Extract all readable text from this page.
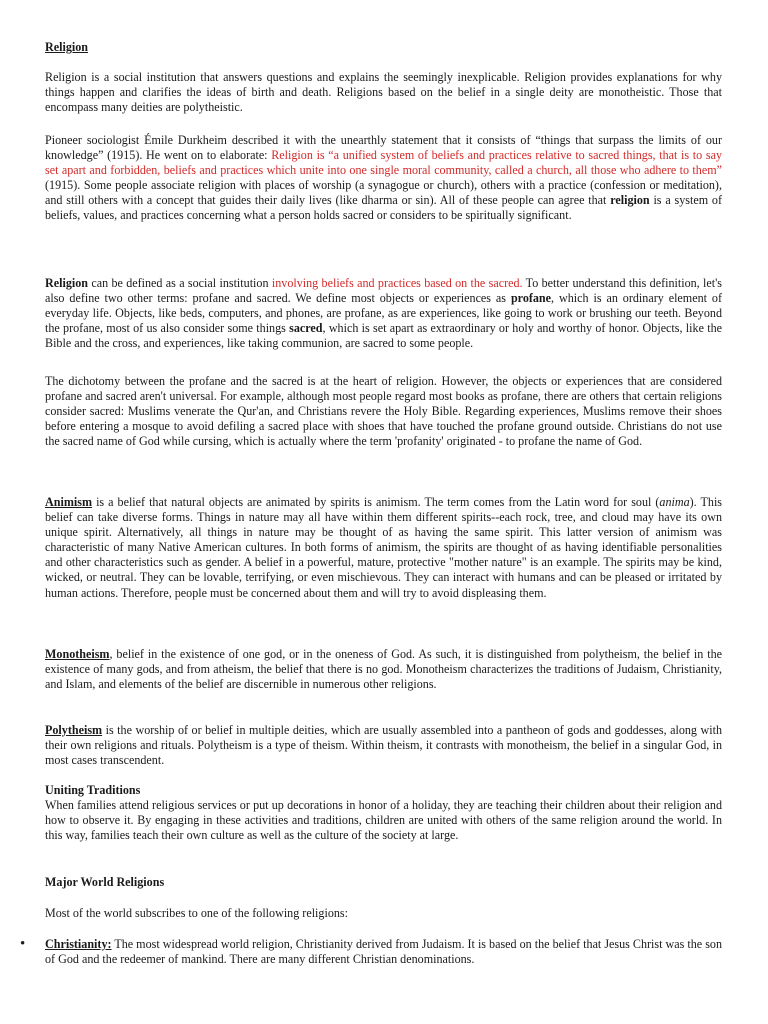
Religion

Religion is a social institution that answers questions and explains the seemingly inexplicable. Religion provides explanations for why things happen and clarifies the ideas of birth and death. Religions based on the belief in a single deity are monotheistic. Those that encompass many deities are polytheistic.

Pioneer sociologist Émile Durkheim described it with the unearthly statement that it consists of “things that surpass the limits of our knowledge” (1915). He went on to elaborate: Religion is “a unified system of beliefs and practices relative to sacred things, that is to say set apart and forbidden, beliefs and practices which unite into one single moral community, called a church, all those who adhere to them” (1915). Some people associate religion with places of worship (a synagogue or church), others with a practice (confession or meditation), and still others with a concept that guides their daily lives (like dharma or sin). All of these people can agree that religion is a system of beliefs, values, and practices concerning what a person holds sacred or considers to be spiritually significant.

Religion can be defined as a social institution involving beliefs and practices based on the sacred. To better understand this definition, let's also define two other terms: profane and sacred. We define most objects or experiences as profane, which is an ordinary element of everyday life. Objects, like beds, computers, and phones, are profane, as are experiences, like going to work or brushing our teeth. Beyond the profane, most of us also consider some things sacred, which is set apart as extraordinary or holy and worthy of honor. Objects, like the Bible and the cross, and experiences, like taking communion, are sacred to some people.

The dichotomy between the profane and the sacred is at the heart of religion. However, the objects or experiences that are considered profane and sacred aren't universal. For example, although most people regard most books as profane, there are others that certain religions consider sacred: Muslims venerate the Qur'an, and Christians revere the Holy Bible. Regarding experiences, Muslims remove their shoes before entering a mosque to avoid defiling a sacred place with shoes that have touched the profane ground outside. Christians do not use the sacred name of God while cursing, which is actually where the term 'profanity' originated - to profane the name of God.

Animism is a belief that natural objects are animated by spirits is animism. The term comes from the Latin word for soul (anima). This belief can take diverse forms. Things in nature may all have within them different spirits--each rock, tree, and cloud may have its own unique spirit. Alternatively, all things in nature may be thought of as having the same spirit. This latter version of animism was characteristic of many Native American cultures. In both forms of animism, the spirits are thought of as having identifiable personalities and other characteristics such as gender. A belief in a powerful, mature, protective "mother nature" is an example. The spirits may be kind, wicked, or neutral. They can be lovable, terrifying, or even mischievous. They can interact with humans and can be pleased or irritated by human actions. Therefore, people must be concerned about them and will try to avoid displeasing them.

Monotheism, belief in the existence of one god, or in the oneness of God. As such, it is distinguished from polytheism, the belief in the existence of many gods, and from atheism, the belief that there is no god. Monotheism characterizes the traditions of Judaism, Christianity, and Islam, and elements of the belief are discernible in numerous other religions.

Polytheism is the worship of or belief in multiple deities, which are usually assembled into a pantheon of gods and goddesses, along with their own religions and rituals. Polytheism is a type of theism. Within theism, it contrasts with monotheism, the belief in a singular God, in most cases transcendent.

Uniting Traditions
When families attend religious services or put up decorations in honor of a holiday, they are teaching their children about their religion and how to observe it. By engaging in these activities and traditions, children are united with others of the same religion around the world. In this way, families teach their own culture as well as the culture of the society at large.

Major World Religions

Most of the world subscribes to one of the following religions:

• Christianity: The most widespread world religion, Christianity derived from Judaism. It is based on the belief that Jesus Christ was the son of God and the redeemer of mankind. There are many different Christian denominations.
